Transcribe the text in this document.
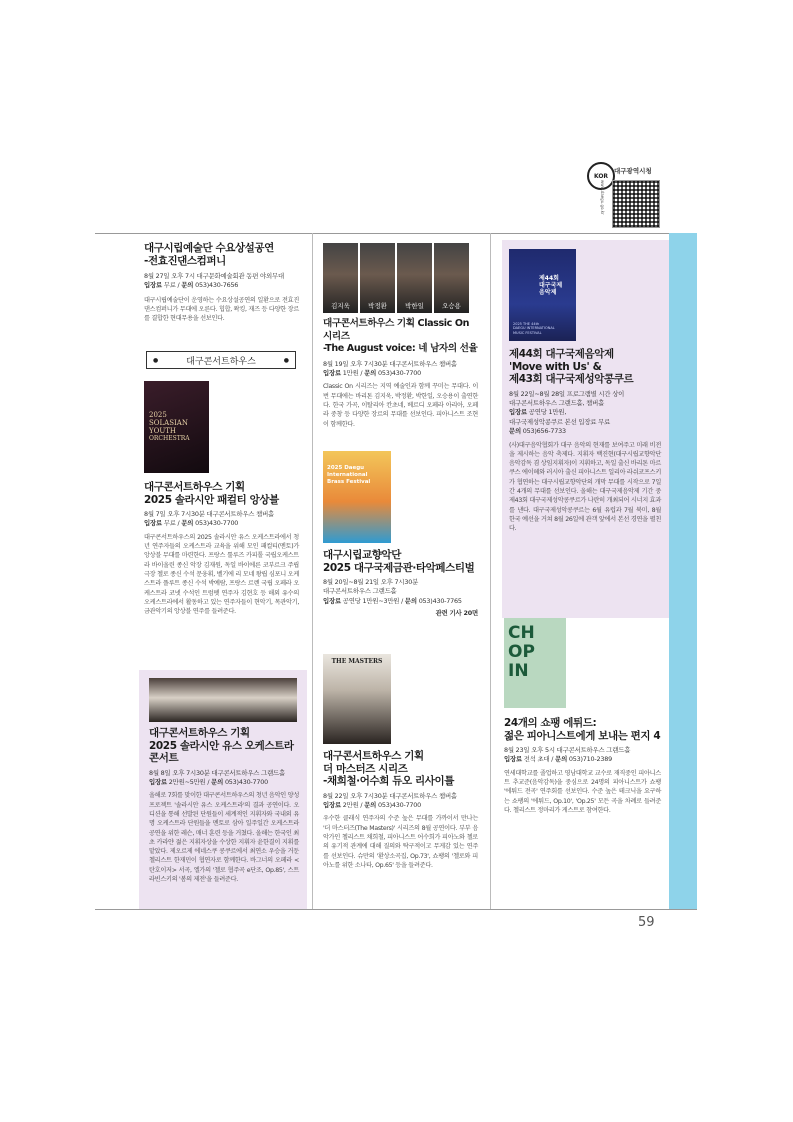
KOR
대구광역시청
www.daegu.go.kr
대구시립예술단 수요상설공연
-전효진댄스컴퍼니
8월 27일 오후 7시 대구문화예술회관 동편 야외무대
입장료 무료 / 문의 053)430-7656
대구시립예술단이 운영하는 수요상설공연의 일환으로 전효진댄스컴퍼니가 무대에 오른다. 힙합, 왁킹, 재즈 등 다양한 장르를 결합한 현대무용을 선보인다.
●	대구콘서트하우스	●
2025
SOLASIAN
YOUTH
ORCHESTRA
대구콘서트하우스 기획
2025 솔라시안 패컬티 앙상블
8월 7일 오후 7시30분 대구콘서트하우스 챔버홀
입장료 무료 / 문의 053)430-7700
대구콘서트하우스의 2025 솔라시안 유스 오케스트라에서 청년 연주자들의 오케스트라 교육을 위해 모인 패컬티(멘토)가 앙상블 무대를 마련한다. 프랑스 툴루즈 카피톨 국립오케스트라 바이올린 종신 악장 김재원, 독일 바이에른 코부르크 주립극장 첼로 종신 수석 문웅휘, 벨기에 리 모네 왕립 심포니 오케스트라 플루트 종신 수석 박예람, 프랑스 르렌 국립 오페라 오케스트라 코넷 수석인 트럼펫 연주자 김현호 등 해외 유수의 오케스트라에서 활동하고 있는 연주자들이 현악기, 목관악기, 금관악기의 앙상블 연주를 들려준다.
대구콘서트하우스 기획
2025 솔라시안 유스 오케스트라 콘서트
8월 8일 오후 7시30분 대구콘서트하우스 그랜드홀
입장료 2만원~5만원 / 문의 053)430-7700
올해로 7회를 맞이한 대구콘서트하우스의 청년 음악인 양성 프로젝트 '솔라시안 유스 오케스트라'의 결과 공연이다. 오디션을 통해 선발된 단원들이 세계적인 지휘자와 국내외 유명 오케스트라 단원들을 멘토로 삼아 일주일간 오케스트라 공연을 위한 레슨, 매너 훈련 등을 거쳤다. 올해는 한국인 최초 카라얀 젊은 지휘자상을 수상한 지휘자 윤한결이 지휘를 맡았다. 제오르제 에네스쿠 콩쿠르에서 최연소 우승을 거둔 첼리스트 한재민이 협연자로 함께한다. 바그너의 오페라 <탄호이저> 서곡, 엘가의 '첼로 협주곡 e단조, Op.85', 스트라빈스키의 '봄의 제전'을 들려준다.
김지욱	박정환	박한일	오승용
대구콘서트하우스 기획 Classic On 시리즈
-The August voice: 네 남자의 선율
8월 19일 오후 7시30분 대구콘서트하우스 챔버홀
입장료 1만원 / 문의 053)430-7700
Classic On 시리즈는 지역 예술인과 함께 꾸미는 무대다. 이번 무대에는 바리톤 김지욱, 박정환, 박한일, 오승용이 출연한다. 한국 가곡, 이탈리아 칸초네, 베르디 오페라 아리아, 오페라 중창 등 다양한 장르의 무대를 선보인다. 피아니스트 조현이 함께한다.
2025 Daegu
International
Brass Festival
대구시립교향악단
2025 대구국제금관·타악페스티벌
8월 20일~8월 21일 오후 7시30분
대구콘서트하우스 그랜드홀
입장료 공연당 1만원~3만원 / 문의 053)430-7765
관련 기사 20면
THE MASTERS
대구콘서트하우스 기획
더 마스터즈 시리즈
-채희철·어수희 듀오 리사이틀
8월 22일 오후 7시30분 대구콘서트하우스 챔버홀
입장료 2만원 / 문의 053)430-7700
우수한 클래식 연주자의 수준 높은 무대를 가까이서 만나는 '더 마스터즈(The Masters)' 시리즈의 8월 공연이다. 부부 음악가인 첼리스트 채희철, 피아니스트 어수희가 피아노와 첼로의 유기적 관계에 대해 질의와 탁구적이고 무게감 있는 연주를 선보인다. 슈만의 '환상소곡집, Op.73', 쇼팽의 '첼로와 피아노를 위한 소나타, Op.65' 등을 들려준다.
제44회
대구국제
음악제
2025 THE 44th
DAEGU INTERNATIONAL
MUSIC FESTIVAL
제44회 대구국제음악제
'Move with Us' &
제43회 대구국제성악콩쿠르
8월 22일~8월 28일 프로그램별 시간 상이
대구콘서트하우스 그랜드홀, 챔버홀
입장료 공연당 1만원,
대구국제성악콩쿠르 본선 입장료 무료
문의 053)656-7733
(사)대구음악협회가 대구 음악의 현재를 보여주고 미래 비전을 제시하는 음악 축제다. 지휘자 백진현(대구시립교향악단 음악감독 겸 상임지휘자)이 지휘하고, 독일 출신 바리톤 마르쿠스 에이헤와 러시아 출신 피아니스트 일리아 라쉬코프스키가 협연하는 대구시립교향악단의 개막 무대를 시작으로 7일간 4개의 무대를 선보인다. 올해는 대구국제음악제 기간 중 제43회 대구국제성악콩쿠르가 나란히 개최되어 시너지 효과를 낸다. 대구국제성악콩쿠르는 6월 유럽과 7월 북미, 8월 한국 예선을 거쳐 8월 26일에 관객 앞에서 본선 경연을 펼친다.
CH
OP
IN
24개의 쇼팽 에튀드:
젊은 피아니스트에게 보내는 편지 4
8월 23일 오후 5시 대구콘서트하우스 그랜드홀
입장료 전석 초대 / 문의 053)710-2389
연세대학교를 졸업하고 영남대학교 교수로 재직중인 피아니스트 추교준(음악감독)을 중심으로 24명의 피아니스트가 쇼팽 '에튀드 전곡' 연주회를 선보인다. 수준 높은 테크닉을 요구하는 쇼팽의 '에튀드, Op.10', 'Op.25' 모든 곡을 차례로 들려준다. 첼리스트 정마리가 게스트로 참여한다.
59
